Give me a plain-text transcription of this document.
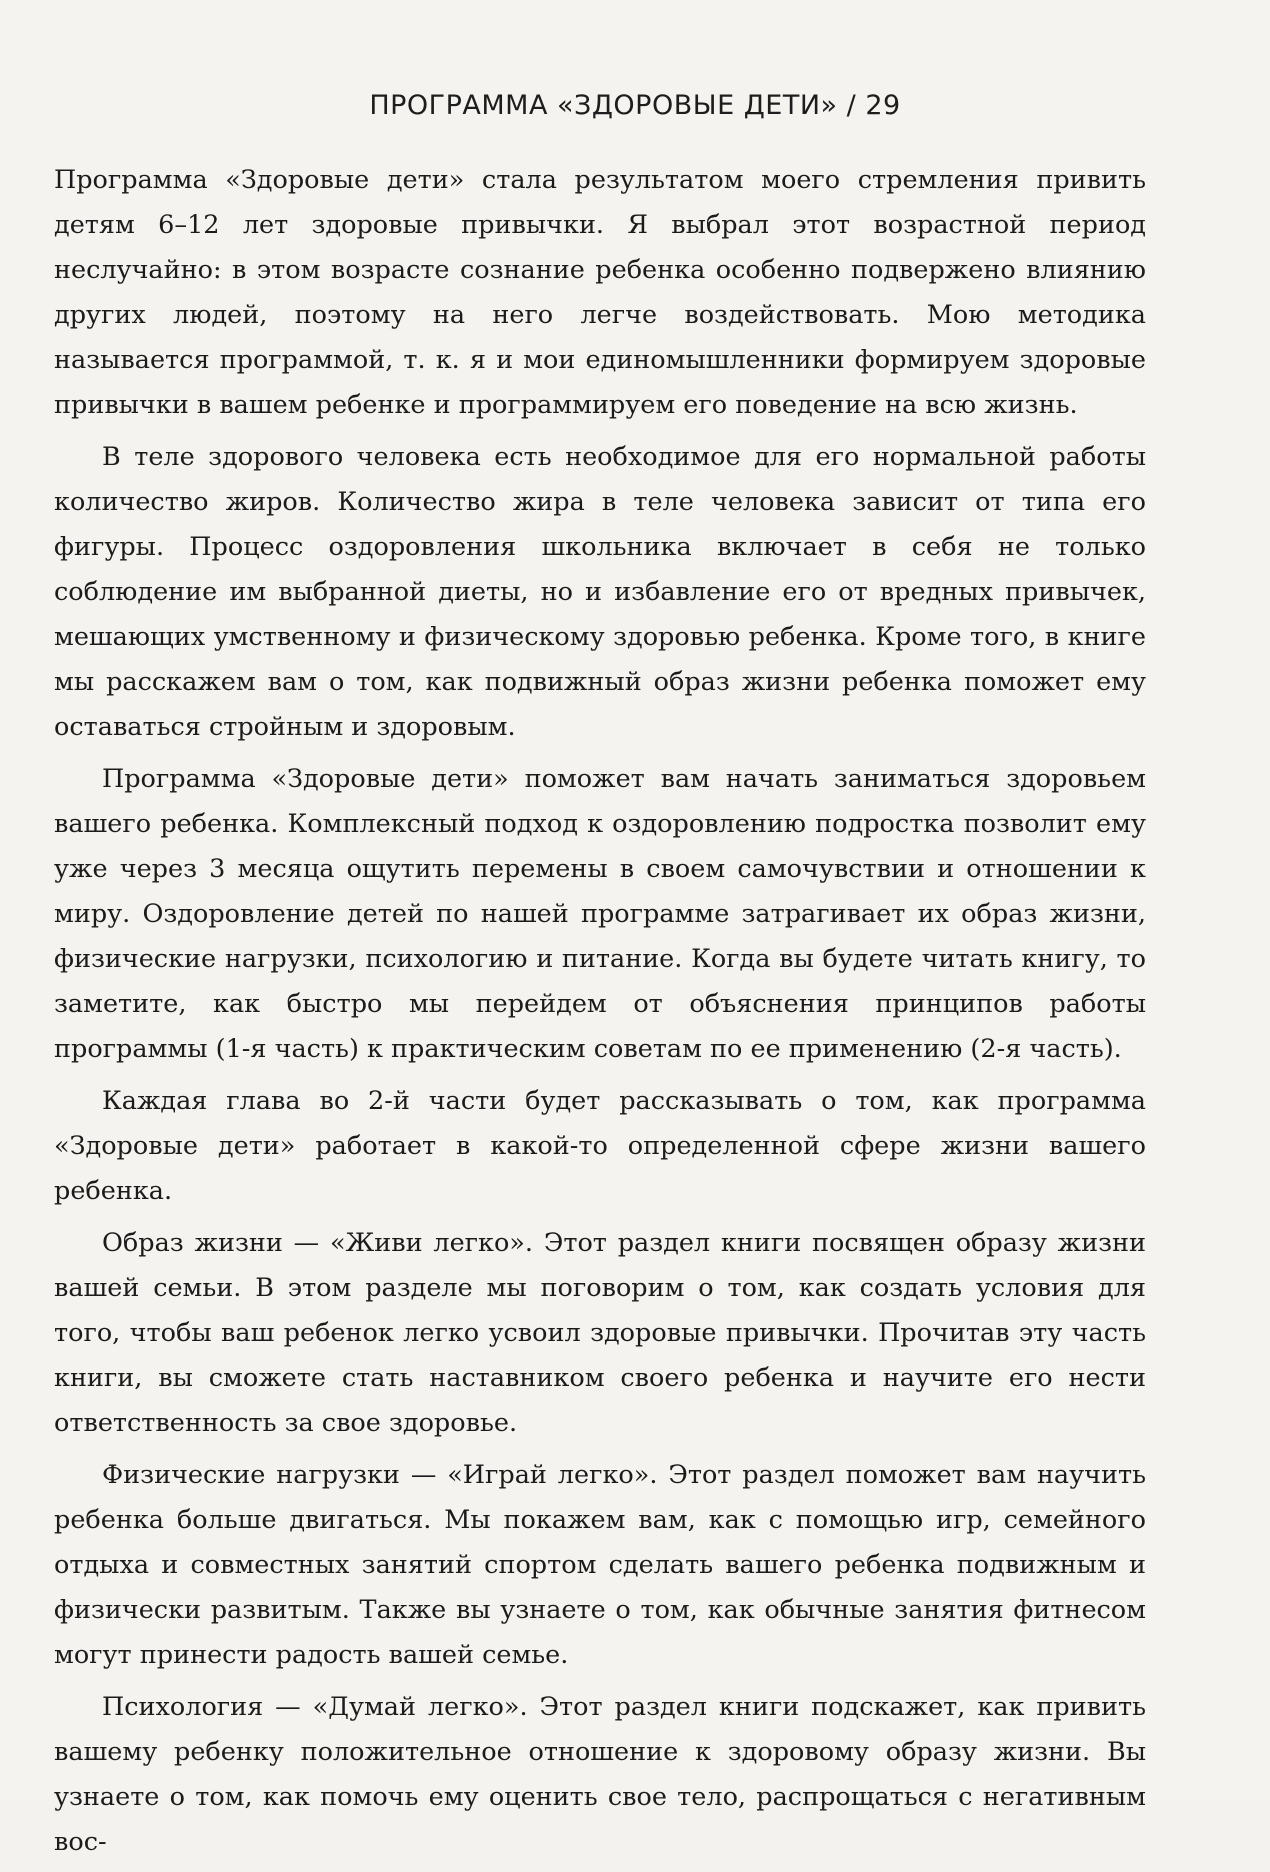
ПРОГРАММА «ЗДОРОВЫЕ ДЕТИ» / 29

Программа «Здоровые дети» стала результатом моего стремления привить детям 6–12 лет здоровые привычки. Я выбрал этот возрастной период неслучайно: в этом возрасте сознание ребенка особенно подвержено влиянию других людей, поэтому на него легче воздействовать. Мою методика называется программой, т. к. я и мои единомышленники формируем здоровые привычки в вашем ребенке и программируем его поведение на всю жизнь.

В теле здорового человека есть необходимое для его нормальной работы количество жиров. Количество жира в теле человека зависит от типа его фигуры. Процесс оздоровления школьника включает в себя не только соблюдение им выбранной диеты, но и избавление его от вредных привычек, мешающих умственному и физическому здоровью ребенка. Кроме того, в книге мы расскажем вам о том, как подвижный образ жизни ребенка поможет ему оставаться стройным и здоровым.

Программа «Здоровые дети» поможет вам начать заниматься здоровьем вашего ребенка. Комплексный подход к оздоровлению подростка позволит ему уже через 3 месяца ощутить перемены в своем самочувствии и отношении к миру. Оздоровление детей по нашей программе затрагивает их образ жизни, физические нагрузки, психологию и питание. Когда вы будете читать книгу, то заметите, как быстро мы перейдем от объяснения принципов работы программы (1-я часть) к практическим советам по ее применению (2-я часть).

Каждая глава во 2-й части будет рассказывать о том, как программа «Здоровые дети» работает в какой-то определенной сфере жизни вашего ребенка.

Образ жизни — «Живи легко». Этот раздел книги посвящен образу жизни вашей семьи. В этом разделе мы поговорим о том, как создать условия для того, чтобы ваш ребенок легко усвоил здоровые привычки. Прочитав эту часть книги, вы сможете стать наставником своего ребенка и научите его нести ответственность за свое здоровье.

Физические нагрузки — «Играй легко». Этот раздел поможет вам научить ребенка больше двигаться. Мы покажем вам, как с помощью игр, семейного отдыха и совместных занятий спортом сделать вашего ребенка подвижным и физически развитым. Также вы узнаете о том, как обычные занятия фитнесом могут принести радость вашей семье.

Психология — «Думай легко». Этот раздел книги подскажет, как привить вашему ребенку положительное отношение к здоровому образу жизни. Вы узнаете о том, как помочь ему оценить свое тело, распрощаться с негативным вос-
